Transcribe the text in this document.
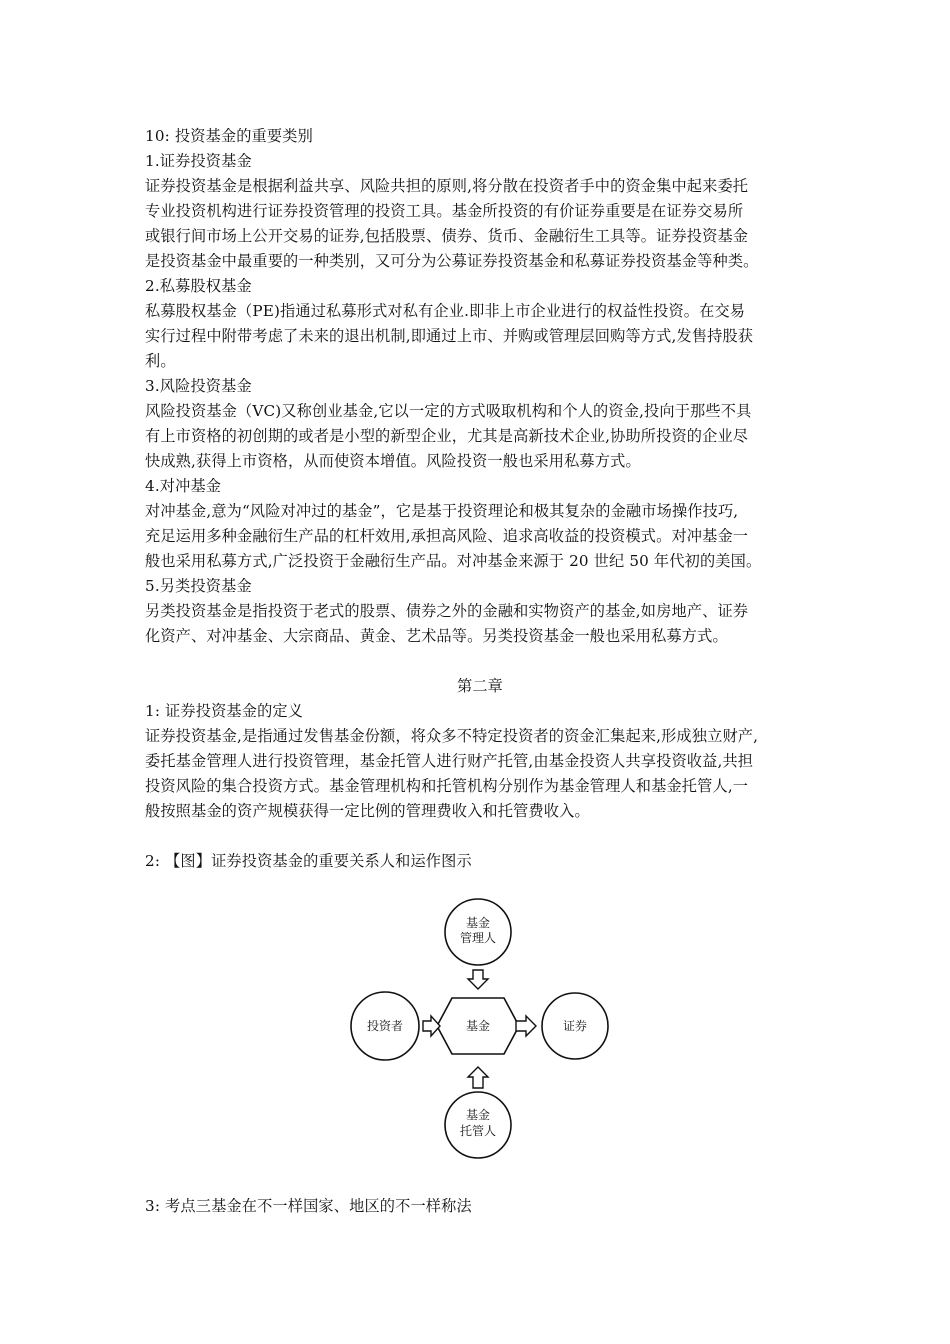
10: 投资基金的重要类别
1.证券投资基金
证券投资基金是根据利益共享、风险共担的原则,将分散在投资者手中的资金集中起来委托
专业投资机构进行证券投资管理的投资工具。基金所投资的有价证券重要是在证券交易所
或银行间市场上公开交易的证券,包括股票、债券、货币、金融衍生工具等。证券投资基金
是投资基金中最重要的一种类别，又可分为公募证券投资基金和私募证券投资基金等种类。
2.私募股权基金
私募股权基金（PE)指通过私募形式对私有企业.即非上市企业进行的权益性投资。在交易
实行过程中附带考虑了未来的退出机制,即通过上市、并购或管理层回购等方式,发售持股获
利。
3.风险投资基金
风险投资基金（VC)又称创业基金,它以一定的方式吸取机构和个人的资金,投向于那些不具
有上市资格的初创期的或者是小型的新型企业，尤其是高新技术企业,协助所投资的企业尽
快成熟,获得上市资格，从而使资本增值。风险投资一般也采用私募方式。
4.对冲基金
对冲基金,意为“风险对冲过的基金”，它是基于投资理论和极其复杂的金融市场操作技巧,
充足运用多种金融衍生产品的杠杆效用,承担高风险、追求高收益的投资模式。对冲基金一
般也采用私募方式,广泛投资于金融衍生产品。对冲基金来源于 20 世纪 50 年代初的美国。
5.另类投资基金
另类投资基金是指投资于老式的股票、债券之外的金融和实物资产的基金,如房地产、证券
化资产、对冲基金、大宗商品、黄金、艺术品等。另类投资基金一般也采用私募方式。
第二章
1: 证券投资基金的定义
证券投资基金,是指通过发售基金份额，将众多不特定投资者的资金汇集起来,形成独立财产,
委托基金管理人进行投资管理，基金托管人进行财产托管,由基金投资人共享投资收益,共担
投资风险的集合投资方式。基金管理机构和托管机构分别作为基金管理人和基金托管人,一
般按照基金的资产规模获得一定比例的管理费收入和托管费收入。
2: 【图】证券投资基金的重要关系人和运作图示
基金
管理人
投资者	基金	证券
基金
托管人
3: 考点三基金在不一样国家、地区的不一样称法
